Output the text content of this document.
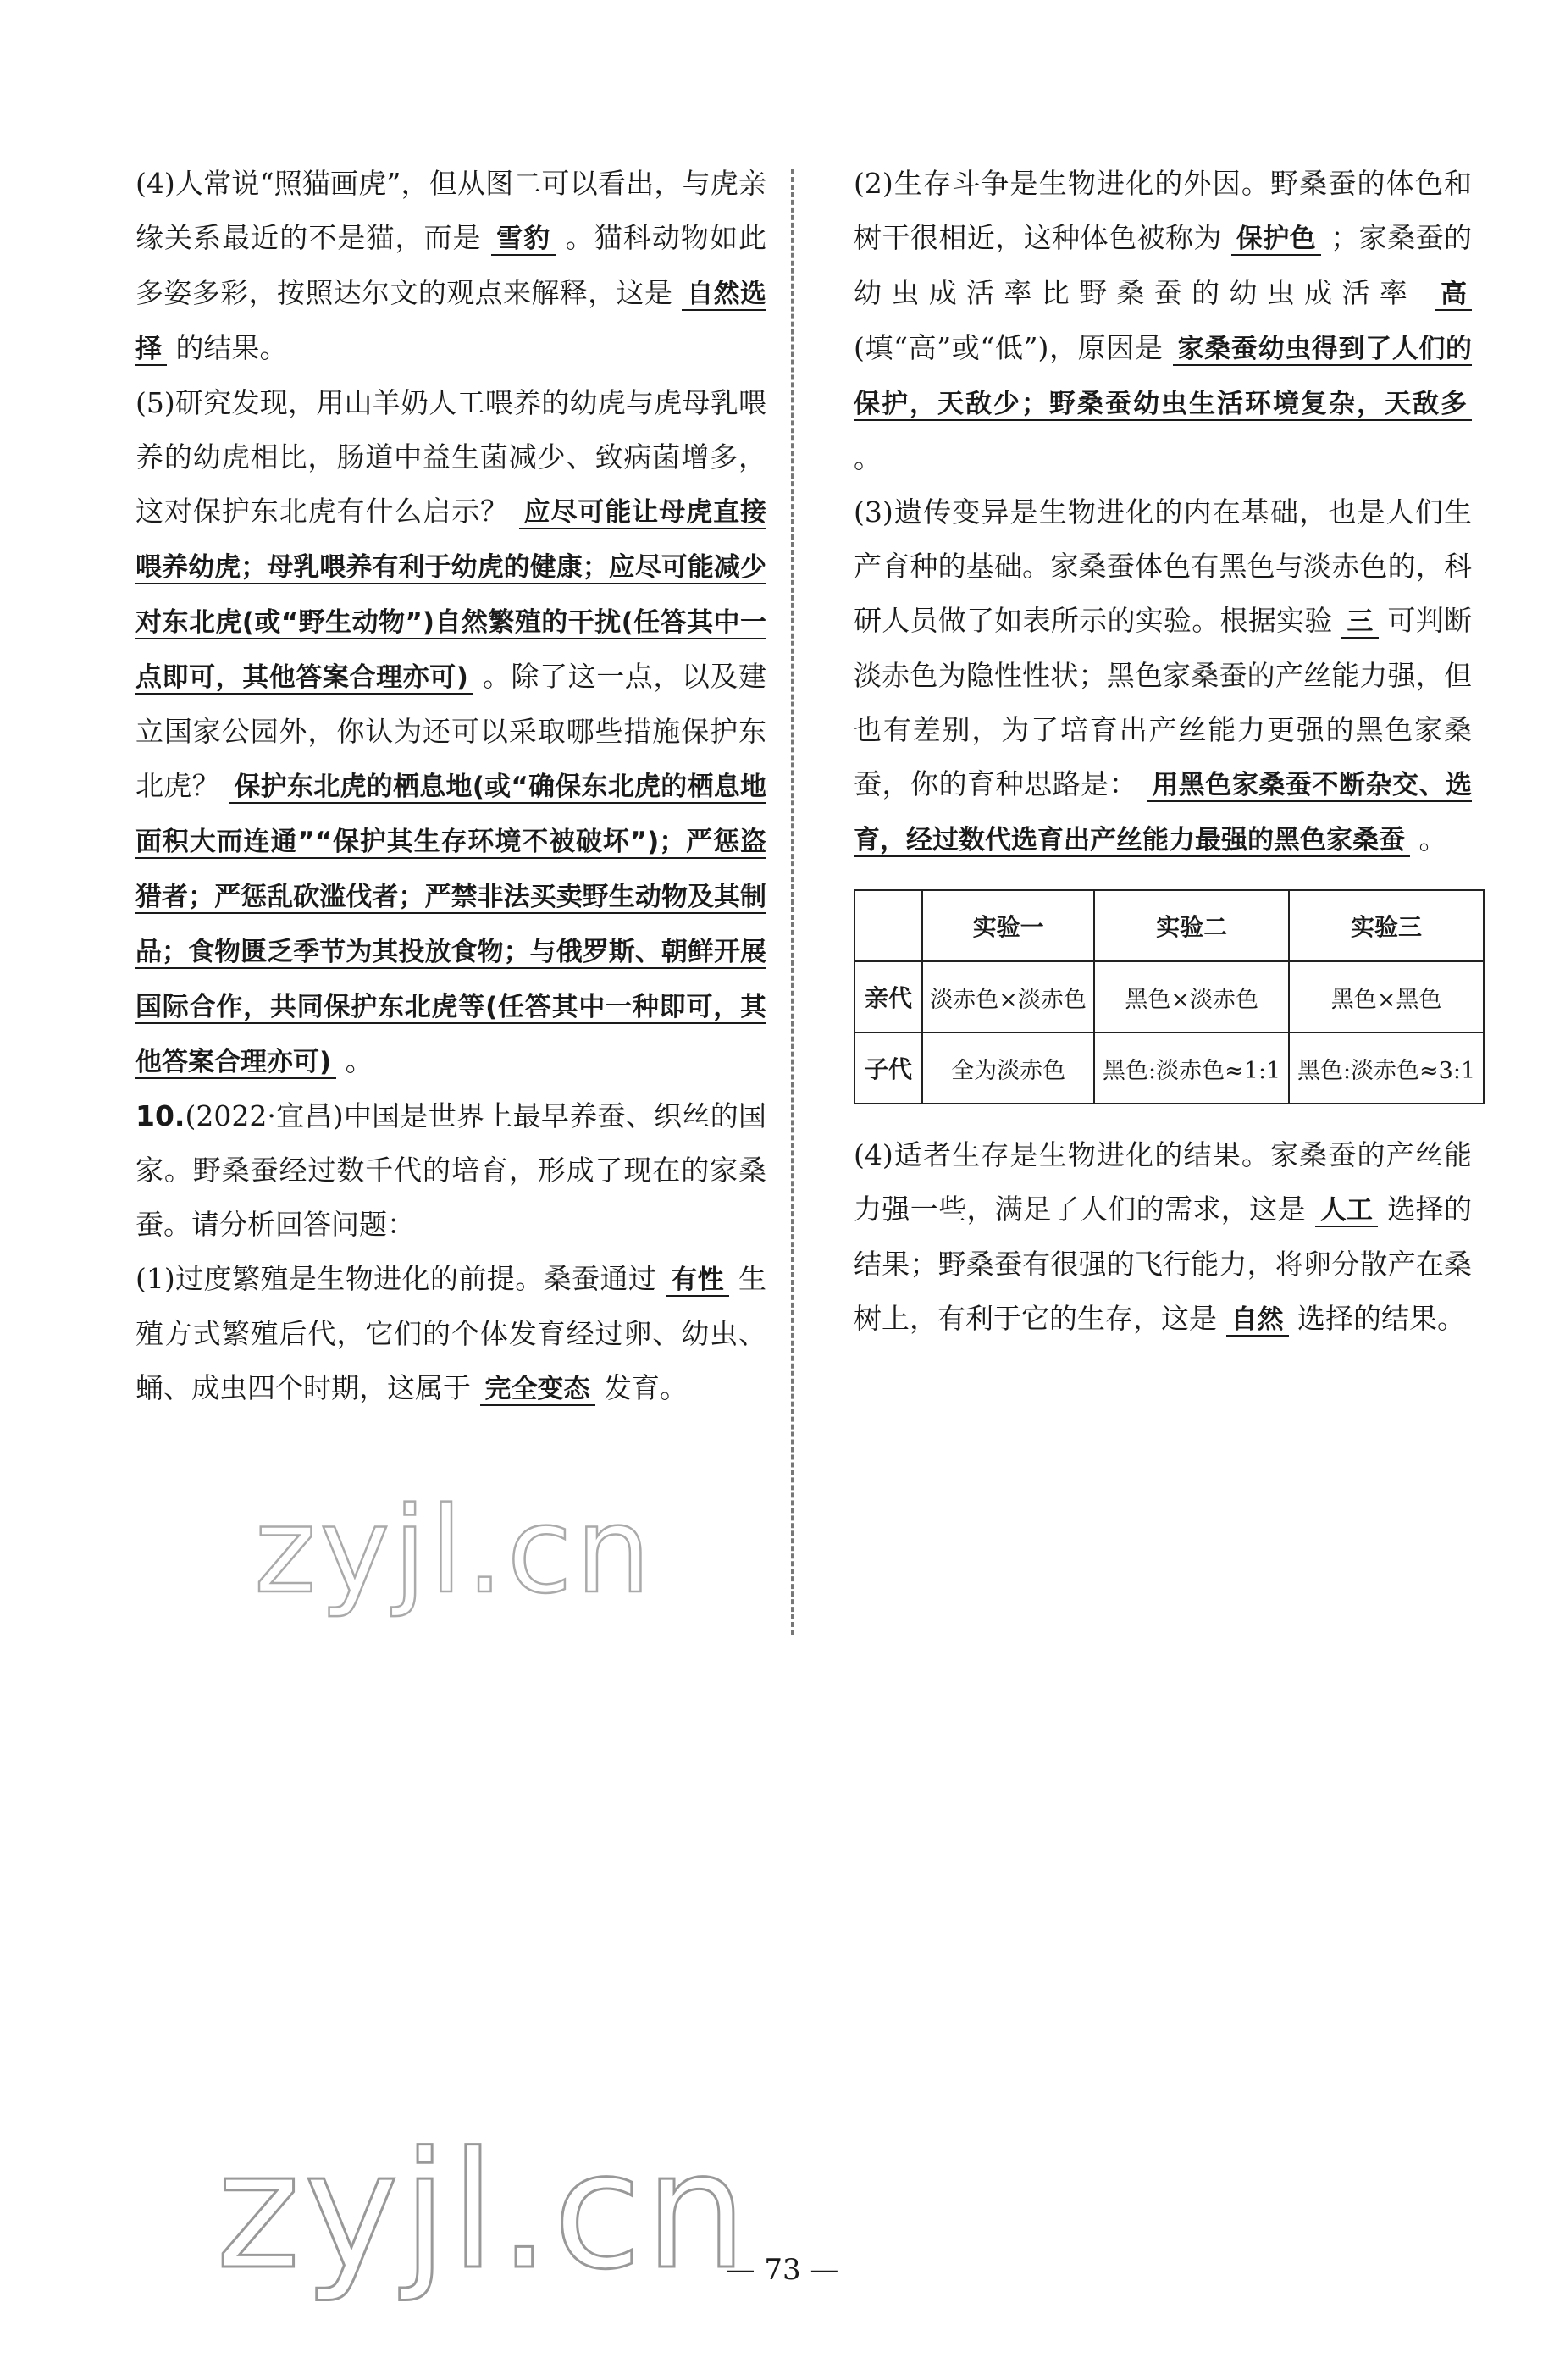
(4)人常说“照猫画虎”，但从图二可以看出，与虎亲缘关系最近的不是猫，而是 雪豹 。猫科动物如此多姿多彩，按照达尔文的观点来解释，这是 自然选择 的结果。

(5)研究发现，用山羊奶人工喂养的幼虎与虎母乳喂养的幼虎相比，肠道中益生菌减少、致病菌增多，这对保护东北虎有什么启示？ 应尽可能让母虎直接喂养幼虎；母乳喂养有利于幼虎的健康；应尽可能减少对东北虎(或“野生动物”)自然繁殖的干扰(任答其中一点即可，其他答案合理亦可) 。除了这一点，以及建立国家公园外，你认为还可以采取哪些措施保护东北虎？ 保护东北虎的栖息地(或“确保东北虎的栖息地面积大而连通”“保护其生存环境不被破坏”)；严惩盗猎者；严惩乱砍滥伐者；严禁非法买卖野生动物及其制品；食物匮乏季节为其投放食物；与俄罗斯、朝鲜开展国际合作，共同保护东北虎等(任答其中一种即可，其他答案合理亦可) 。

10.(2022·宜昌)中国是世界上最早养蚕、织丝的国家。野桑蚕经过数千代的培育，形成了现在的家桑蚕。请分析回答问题：

(1)过度繁殖是生物进化的前提。桑蚕通过 有性 生殖方式繁殖后代，它们的个体发育经过卵、幼虫、蛹、成虫四个时期，这属于 完全变态 发育。

(2)生存斗争是生物进化的外因。野桑蚕的体色和树干很相近，这种体色被称为 保护色 ；家桑蚕的幼虫成活率比野桑蚕的幼虫成活率 高 (填“高”或“低”)，原因是 家桑蚕幼虫得到了人们的保护，天敌少；野桑蚕幼虫生活环境复杂，天敌多 。

(3)遗传变异是生物进化的内在基础，也是人们生产育种的基础。家桑蚕体色有黑色与淡赤色的，科研人员做了如表所示的实验。根据实验 三 可判断淡赤色为隐性性状；黑色家桑蚕的产丝能力强，但也有差别，为了培育出产丝能力更强的黑色家桑蚕，你的育种思路是： 用黑色家桑蚕不断杂交、选育，经过数代选育出产丝能力最强的黑色家桑蚕 。

	实验一	实验二	实验三
亲代	淡赤色×淡赤色	黑色×淡赤色	黑色×黑色
子代	全为淡赤色	黑色:淡赤色≈1:1	黑色:淡赤色≈3:1

(4)适者生存是生物进化的结果。家桑蚕的产丝能力强一些，满足了人们的需求，这是 人工 选择的结果；野桑蚕有很强的飞行能力，将卵分散产在桑树上，有利于它的生存，这是 自然 选择的结果。

zyjl.cn
zyjl.cn
— 73 —
